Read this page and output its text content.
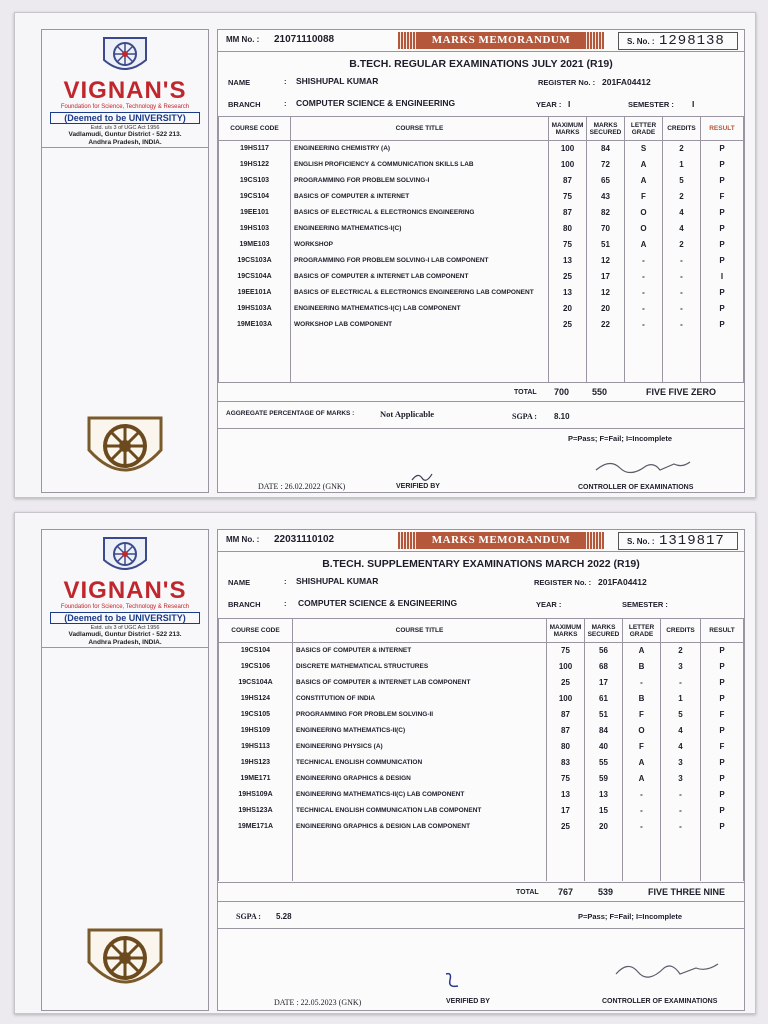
VIGNAN'S
Foundation for Science, Technology & Research
(Deemed to be UNIVERSITY)
Estd. u/s 3 of UGC Act 1956
Vadlamudi, Guntur District - 522 213.
Andhra Pradesh, INDIA.
MM No. : 21071110088	MARKS MEMORANDUM	S. No. : 1298138
B.TECH. REGULAR EXAMINATIONS JULY 2021 (R19)
NAME	: SHISHUPAL KUMAR	REGISTER No. : 201FA04412
BRANCH	: COMPUTER SCIENCE & ENGINEERING	YEAR : I	SEMESTER : I
COURSE CODE	COURSE TITLE	MAXIMUM MARKS	MARKS SECURED	LETTER GRADE	CREDITS	RESULT
19HS117	ENGINEERING CHEMISTRY (A)	100	84	S	2	P
19HS122	ENGLISH PROFICIENCY & COMMUNICATION SKILLS LAB	100	72	A	1	P
19CS103	PROGRAMMING FOR PROBLEM SOLVING-I	87	65	A	5	P
19CS104	BASICS OF COMPUTER & INTERNET	75	43	F	2	F
19EE101	BASICS OF ELECTRICAL & ELECTRONICS ENGINEERING	87	82	O	4	P
19HS103	ENGINEERING MATHEMATICS-I(C)	80	70	O	4	P
19ME103	WORKSHOP	75	51	A	2	P
19CS103A	PROGRAMMING FOR PROBLEM SOLVING-I LAB COMPONENT	13	12	-	-	P
19CS104A	BASICS OF COMPUTER & INTERNET LAB COMPONENT	25	17	-	-	I
19EE101A	BASICS OF ELECTRICAL & ELECTRONICS ENGINEERING LAB COMPONENT	13	12	-	-	P
19HS103A	ENGINEERING MATHEMATICS-I(C) LAB COMPONENT	20	20	-	-	P
19ME103A	WORKSHOP LAB COMPONENT	25	22	-	-	P

TOTAL 700	550	FIVE FIVE ZERO
AGGREGATE PERCENTAGE OF MARKS :	Not Applicable	SGPA : 8.10
P=Pass; F=Fail; I=Incomplete
DATE : 26.02.2022 (GNK)	VERIFIED BY	CONTROLLER OF EXAMINATIONS
VIGNAN'S
Foundation for Science, Technology & Research
(Deemed to be UNIVERSITY)
Estd. u/s 3 of UGC Act 1956
Vadlamudi, Guntur District - 522 213.
Andhra Pradesh, INDIA.
MM No. : 22031110102	MARKS MEMORANDUM	S. No. : 1319817
B.TECH. SUPPLEMENTARY EXAMINATIONS MARCH 2022 (R19)
NAME	: SHISHUPAL KUMAR	REGISTER No. : 201FA04412
BRANCH	: COMPUTER SCIENCE & ENGINEERING	YEAR :	SEMESTER :
COURSE CODE	COURSE TITLE	MAXIMUM MARKS	MARKS SECURED	LETTER GRADE	CREDITS	RESULT
19CS104	BASICS OF COMPUTER & INTERNET	75	56	A	2	P
19CS106	DISCRETE MATHEMATICAL STRUCTURES	100	68	B	3	P
19CS104A	BASICS OF COMPUTER & INTERNET LAB COMPONENT	25	17	-	-	P
19HS124	CONSTITUTION OF INDIA	100	61	B	1	P
19CS105	PROGRAMMING FOR PROBLEM SOLVING-II	87	51	F	5	F
19HS109	ENGINEERING MATHEMATICS-II(C)	87	84	O	4	P
19HS113	ENGINEERING PHYSICS (A)	80	40	F	4	F
19HS123	TECHNICAL ENGLISH COMMUNICATION	83	55	A	3	P
19ME171	ENGINEERING GRAPHICS & DESIGN	75	59	A	3	P
19HS109A	ENGINEERING MATHEMATICS-II(C) LAB COMPONENT	13	13	-	-	P
19HS123A	TECHNICAL ENGLISH COMMUNICATION LAB COMPONENT	17	15	-	-	P
19ME171A	ENGINEERING GRAPHICS & DESIGN LAB COMPONENT	25	20	-	-	P

TOTAL 767	539	FIVE THREE NINE
SGPA : 5.28	P=Pass; F=Fail; I=Incomplete
DATE : 22.05.2023 (GNK)	VERIFIED BY	CONTROLLER OF EXAMINATIONS
